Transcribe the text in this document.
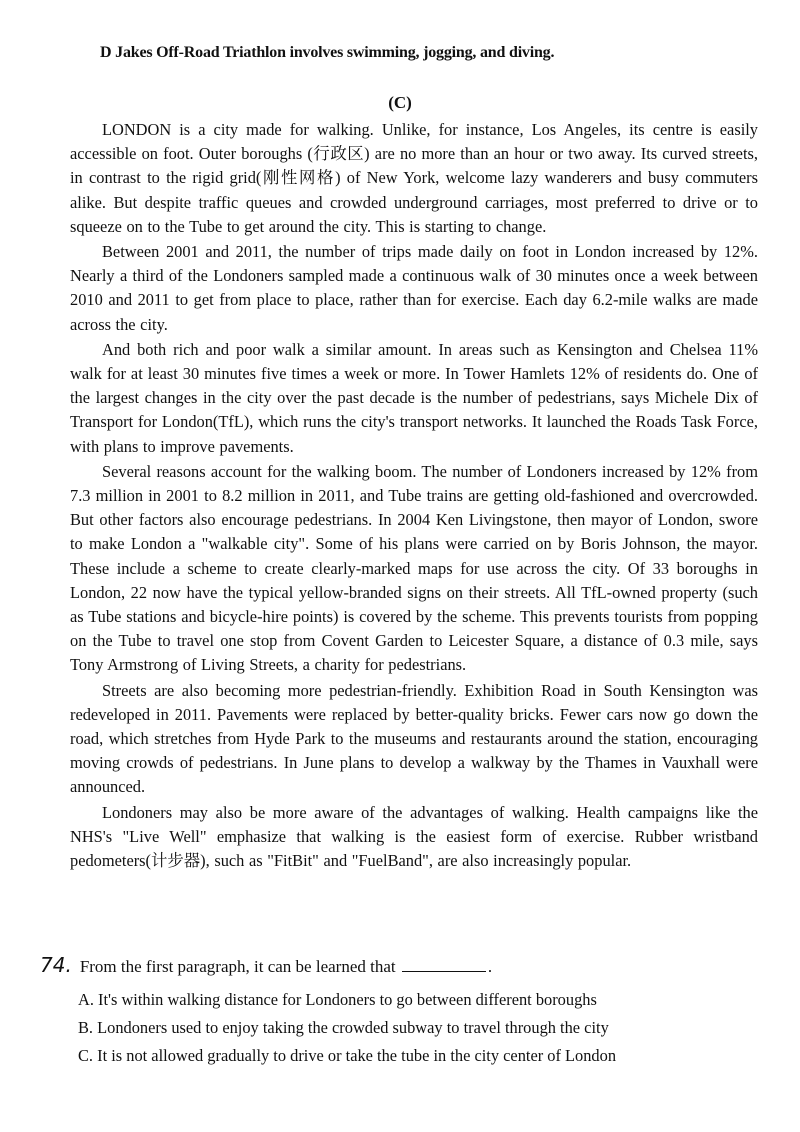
D Jakes Off-Road Triathlon involves swimming, jogging, and diving.
(C)

LONDON is a city made for walking. Unlike, for instance, Los Angeles, its centre is easily accessible on foot. Outer boroughs (行政区) are no more than an hour or two away. Its curved streets, in contrast to the rigid grid(刚性网格) of New York, welcome lazy wanderers and busy commuters alike. But despite traffic queues and crowded underground carriages, most preferred to drive or to squeeze on to the Tube to get around the city. This is starting to change.

Between 2001 and 2011, the number of trips made daily on foot in London increased by 12%. Nearly a third of the Londoners sampled made a continuous walk of 30 minutes once a week between 2010 and 2011 to get from place to place, rather than for exercise. Each day 6.2-mile walks are made across the city.

And both rich and poor walk a similar amount. In areas such as Kensington and Chelsea 11% walk for at least 30 minutes five times a week or more. In Tower Hamlets 12% of residents do. One of the largest changes in the city over the past decade is the number of pedestrians, says Michele Dix of Transport for London(TfL), which runs the city's transport networks. It launched the Roads Task Force, with plans to improve pavements.

Several reasons account for the walking boom. The number of Londoners increased by 12% from 7.3 million in 2001 to 8.2 million in 2011, and Tube trains are getting old-fashioned and overcrowded. But other factors also encourage pedestrians. In 2004 Ken Livingstone, then mayor of London, swore to make London a "walkable city". Some of his plans were carried on by Boris Johnson, the mayor. These include a scheme to create clearly-marked maps for use across the city. Of 33 boroughs in London, 22 now have the typical yellow-branded signs on their streets. All TfL-owned property (such as Tube stations and bicycle-hire points) is covered by the scheme. This prevents tourists from popping on the Tube to travel one stop from Covent Garden to Leicester Square, a distance of 0.3 mile, says Tony Armstrong of Living Streets, a charity for pedestrians.

Streets are also becoming more pedestrian-friendly. Exhibition Road in South Kensington was redeveloped in 2011. Pavements were replaced by better-quality bricks. Fewer cars now go down the road, which stretches from Hyde Park to the museums and restaurants around the station, encouraging moving crowds of pedestrians. In June plans to develop a walkway by the Thames in Vauxhall were announced.

Londoners may also be more aware of the advantages of walking. Health campaigns like the NHS's "Live Well" emphasize that walking is the easiest form of exercise. Rubber wristband pedometers(计步器), such as "FitBit" and "FuelBand", are also increasingly popular.

74. From the first paragraph, it can be learned that	.
A. It's within walking distance for Londoners to go between different boroughs
B. Londoners used to enjoy taking the crowded subway to travel through the city
C. It is not allowed gradually to drive or take the tube in the city center of London
